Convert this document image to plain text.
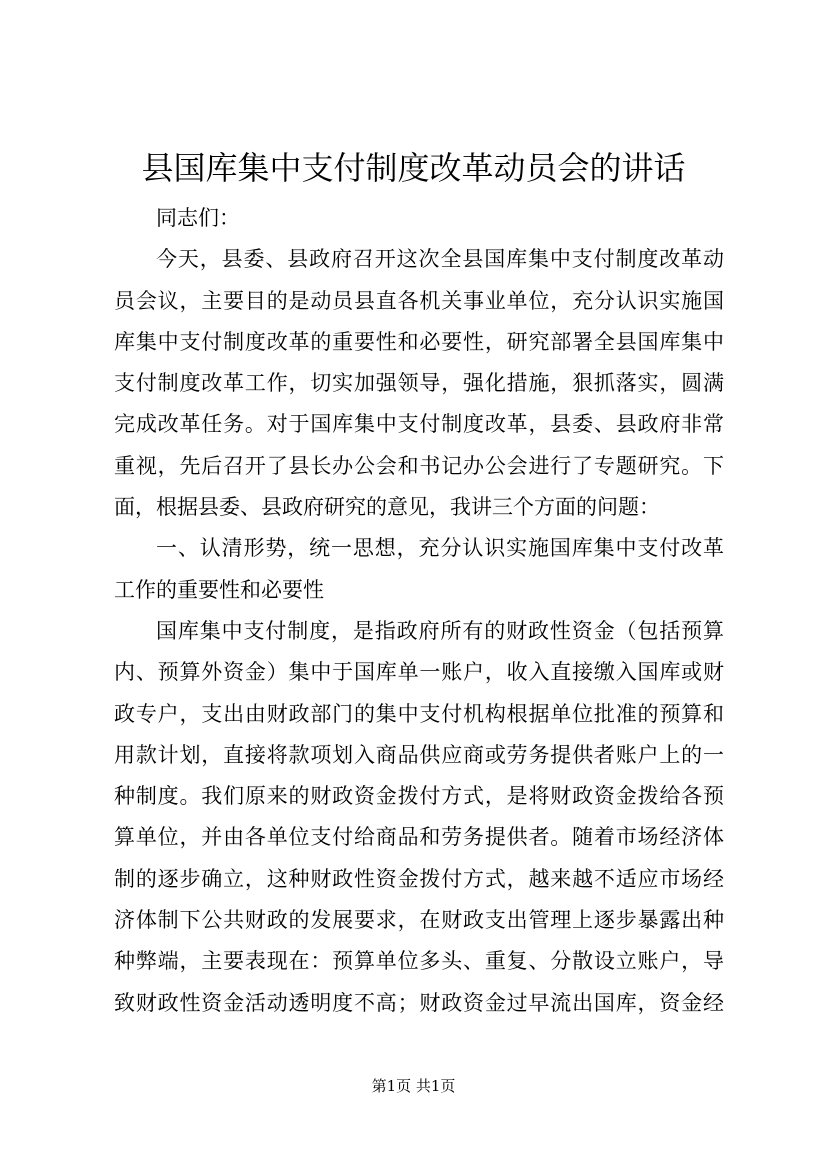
县国库集中支付制度改革动员会的讲话
同志们：
今天，县委、县政府召开这次全县国库集中支付制度改革动
员会议，主要目的是动员县直各机关事业单位，充分认识实施国
库集中支付制度改革的重要性和必要性，研究部署全县国库集中
支付制度改革工作，切实加强领导，强化措施，狠抓落实，圆满
完成改革任务。对于国库集中支付制度改革，县委、县政府非常
重视，先后召开了县长办公会和书记办公会进行了专题研究。下
面，根据县委、县政府研究的意见，我讲三个方面的问题：
一、认清形势，统一思想，充分认识实施国库集中支付改革
工作的重要性和必要性
国库集中支付制度，是指政府所有的财政性资金（包括预算
内、预算外资金）集中于国库单一账户，收入直接缴入国库或财
政专户，支出由财政部门的集中支付机构根据单位批准的预算和
用款计划，直接将款项划入商品供应商或劳务提供者账户上的一
种制度。我们原来的财政资金拨付方式，是将财政资金拨给各预
算单位，并由各单位支付给商品和劳务提供者。随着市场经济体
制的逐步确立，这种财政性资金拨付方式，越来越不适应市场经
济体制下公共财政的发展要求，在财政支出管理上逐步暴露出种
种弊端，主要表现在：预算单位多头、重复、分散设立账户，导
致财政性资金活动透明度不高；财政资金过早流出国库，资金经
第1页 共1页
